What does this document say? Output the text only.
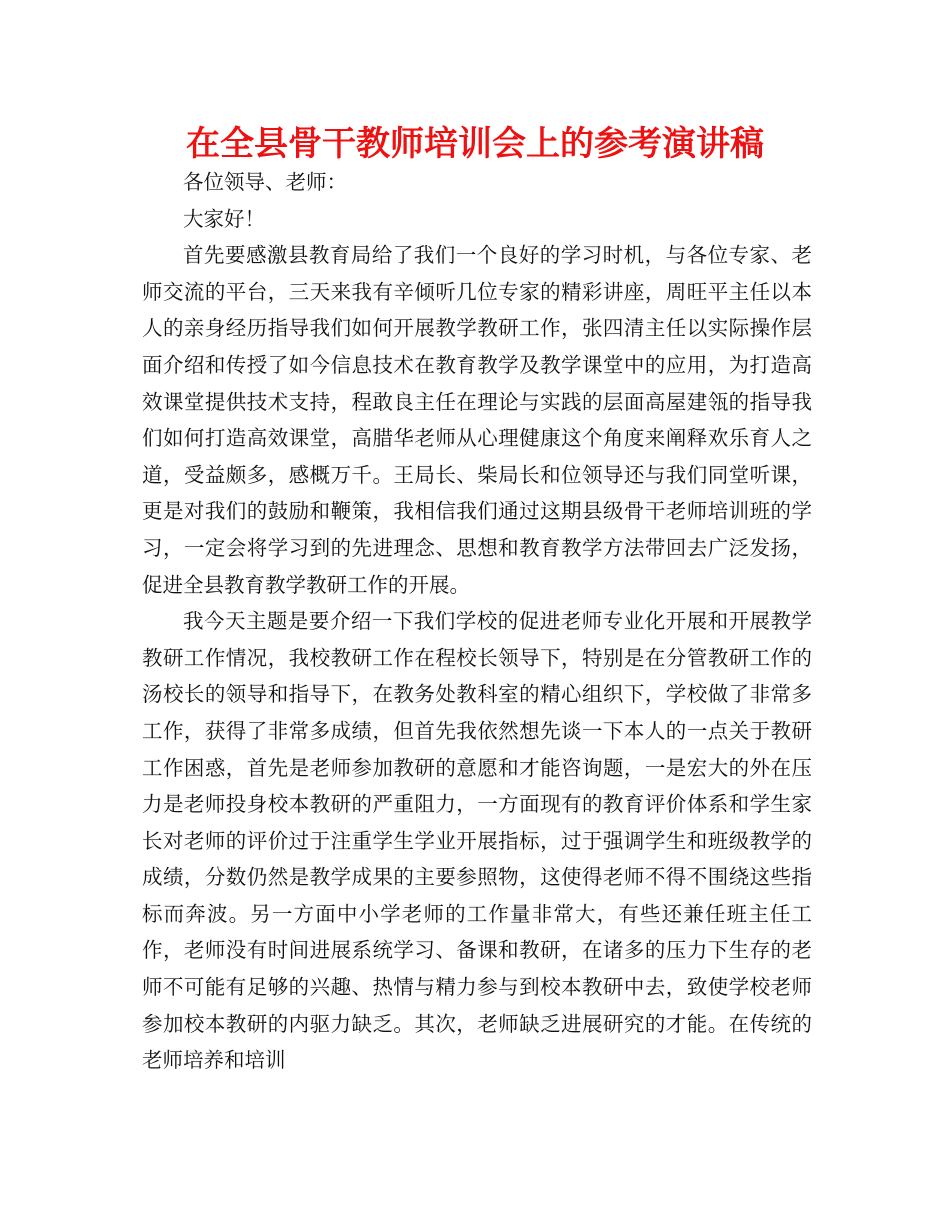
在全县骨干教师培训会上的参考演讲稿

各位领导、老师：

大家好！

首先要感激县教育局给了我们一个良好的学习时机，与各位专家、老师交流的平台，三天来我有辛倾听几位专家的精彩讲座，周旺平主任以本人的亲身经历指导我们如何开展教学教研工作，张四清主任以实际操作层面介绍和传授了如今信息技术在教育教学及教学课堂中的应用，为打造高效课堂提供技术支持，程敢良主任在理论与实践的层面高屋建瓴的指导我们如何打造高效课堂，高腊华老师从心理健康这个角度来阐释欢乐育人之道，受益颇多，感概万千。王局长、柴局长和位领导还与我们同堂听课，更是对我们的鼓励和鞭策，我相信我们通过这期县级骨干老师培训班的学习，一定会将学习到的先进理念、思想和教育教学方法带回去广泛发扬，促进全县教育教学教研工作的开展。

我今天主题是要介绍一下我们学校的促进老师专业化开展和开展教学教研工作情况，我校教研工作在程校长领导下，特别是在分管教研工作的汤校长的领导和指导下，在教务处教科室的精心组织下，学校做了非常多工作，获得了非常多成绩，但首先我依然想先谈一下本人的一点关于教研工作困惑，首先是老师参加教研的意愿和才能咨询题，一是宏大的外在压力是老师投身校本教研的严重阻力，一方面现有的教育评价体系和学生家长对老师的评价过于注重学生学业开展指标，过于强调学生和班级教学的成绩，分数仍然是教学成果的主要参照物，这使得老师不得不围绕这些指标而奔波。另一方面中小学老师的工作量非常大，有些还兼任班主任工作，老师没有时间进展系统学习、备课和教研，在诸多的压力下生存的老师不可能有足够的兴趣、热情与精力参与到校本教研中去，致使学校老师参加校本教研的内驱力缺乏。其次，老师缺乏进展研究的才能。在传统的老师培养和培训
